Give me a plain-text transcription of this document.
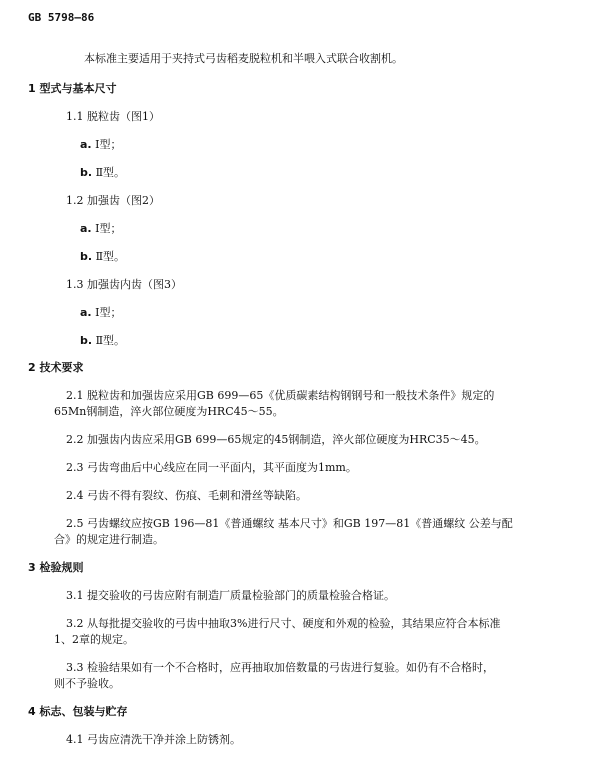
GB 5798—86
本标准主要适用于夹持式弓齿稻麦脱粒机和半喂入式联合收割机。
1 型式与基本尺寸
1.1 脱粒齿（图1）
a. Ⅰ型；
b. Ⅱ型。
1.2 加强齿（图2）
a. Ⅰ型；
b. Ⅱ型。
1.3 加强齿内齿（图3）
a. Ⅰ型；
b. Ⅱ型。
2 技术要求
2.1 脱粒齿和加强齿应采用GB 699—65《优质碳素结构钢钢号和一般技术条件》规定的
65Mn钢制造，淬火部位硬度为HRC45～55。
2.2 加强齿内齿应采用GB 699—65规定的45钢制造，淬火部位硬度为HRC35～45。
2.3 弓齿弯曲后中心线应在同一平面内，其平面度为1mm。
2.4 弓齿不得有裂纹、伤痕、毛刺和滑丝等缺陷。
2.5 弓齿螺纹应按GB 196—81《普通螺纹 基本尺寸》和GB 197—81《普通螺纹 公差与配
合》的规定进行制造。
3 检验规则
3.1 提交验收的弓齿应附有制造厂质量检验部门的质量检验合格证。
3.2 从每批提交验收的弓齿中抽取3%进行尺寸、硬度和外观的检验，其结果应符合本标准
1、2章的规定。
3.3 检验结果如有一个不合格时，应再抽取加倍数量的弓齿进行复验。如仍有不合格时，
则不予验收。
4 标志、包装与贮存
4.1 弓齿应清洗干净并涂上防锈剂。
